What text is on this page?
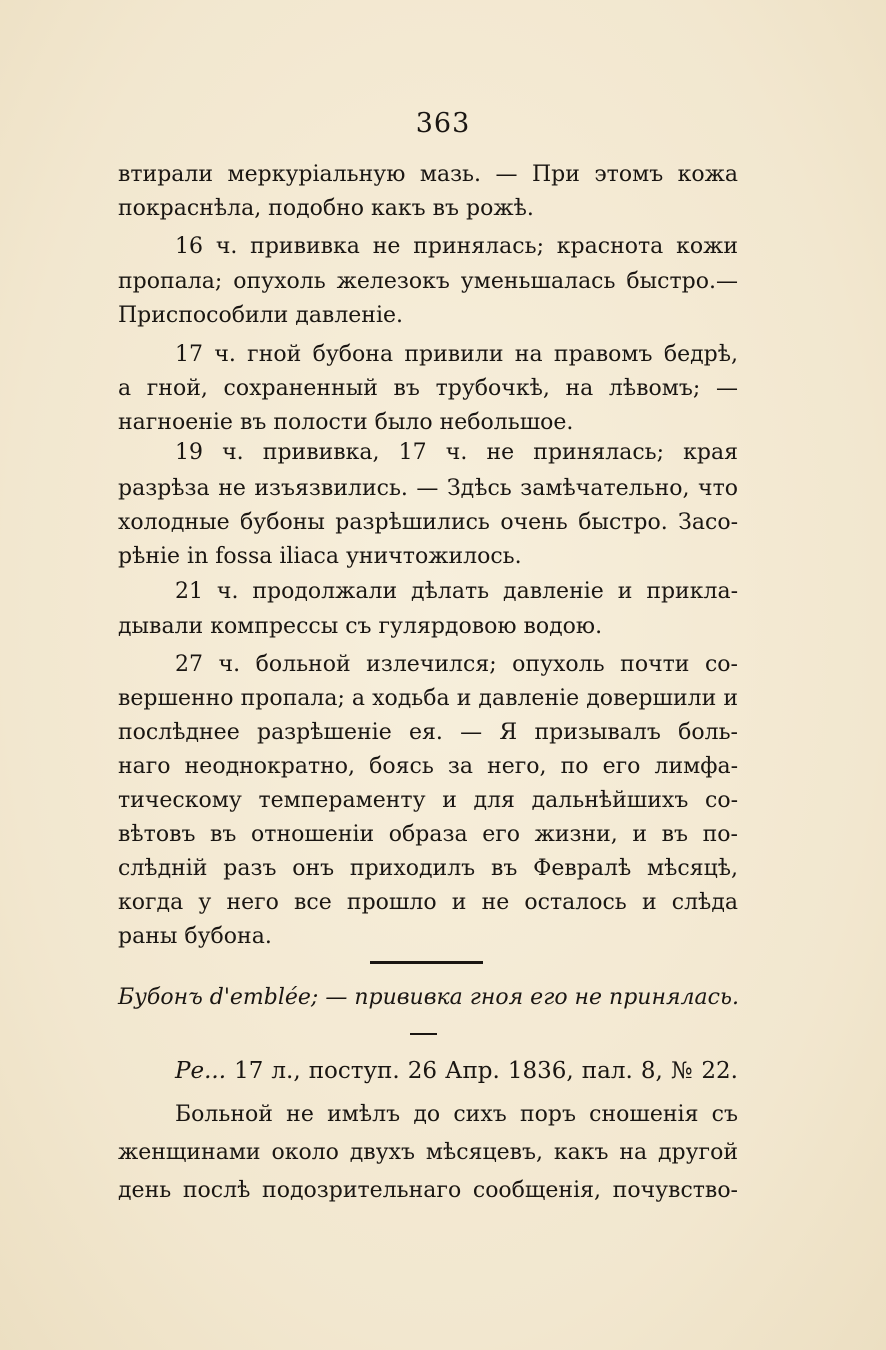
363
втирали меркуріальную мазь. — При этомъ кожа
покраснѣла, подобно какъ въ рожѣ.
16 ч. прививка не принялась; краснота кожи
пропала; опухоль железокъ уменьшалась быстро.—
Приспособили давленіе.
17 ч. гной бубона привили на правомъ бедрѣ,
а гной, сохраненный въ трубочкѣ, на лѣвомъ; —
нагноеніе въ полости было небольшое.
19 ч. прививка, 17 ч. не принялась; края
разрѣза не изъязвились. — Здѣсь замѣчательно, что
холодные бубоны разрѣшились очень быстро. Засо-
рѣніе in fossa iliaca уничтожилось.
21 ч. продолжали дѣлать давленіе и прикла-
дывали компрессы съ гулярдовою водою.
27 ч. больной излечился; опухоль почти со-
вершенно пропала; а ходьба и давленіе довершили и
послѣднее разрѣшеніе ея. — Я призывалъ боль-
наго неоднократно, боясь за него, по его лимфа-
тическому темпераменту и для дальнѣйшихъ со-
вѣтовъ въ отношеніи образа его жизни, и въ по-
слѣдній разъ онъ приходилъ въ Февралѣ мѣсяцѣ,
когда у него все прошло и не осталось и слѣда
раны бубона.
Бубонъ d'emblée; — прививка гноя его не принялась.
Ре... 17 л., поступ. 26 Апр. 1836, пал. 8, № 22.
Больной не имѣлъ до сихъ поръ сношенія съ
женщинами около двухъ мѣсяцевъ, какъ на другой
день послѣ подозрительнаго сообщенія, почувство-
